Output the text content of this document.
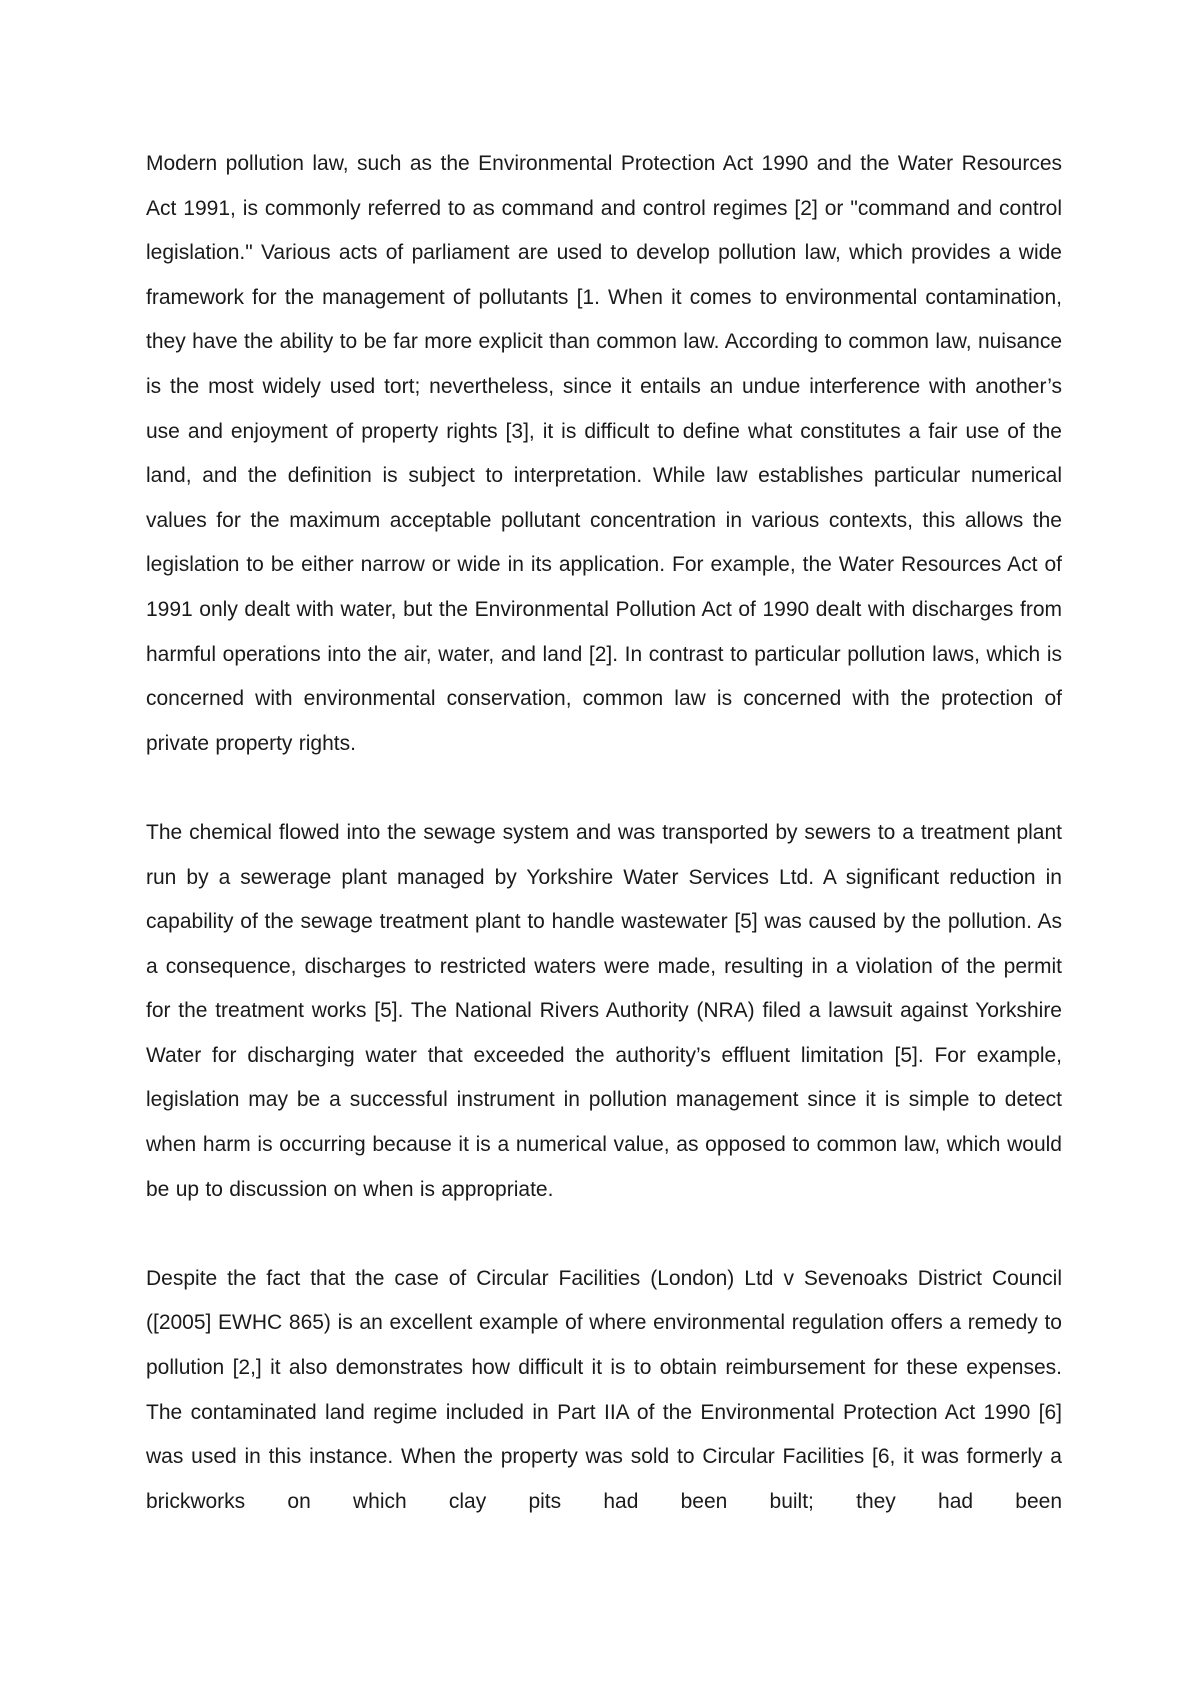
Modern pollution law, such as the Environmental Protection Act 1990 and the Water Resources Act 1991, is commonly referred to as command and control regimes [2] or "command and control legislation." Various acts of parliament are used to develop pollution law, which provides a wide framework for the management of pollutants [1. When it comes to environmental contamination, they have the ability to be far more explicit than common law. According to common law, nuisance is the most widely used tort; nevertheless, since it entails an undue interference with another’s use and enjoyment of property rights [3], it is difficult to define what constitutes a fair use of the land, and the definition is subject to interpretation. While law establishes particular numerical values for the maximum acceptable pollutant concentration in various contexts, this allows the legislation to be either narrow or wide in its application. For example, the Water Resources Act of 1991 only dealt with water, but the Environmental Pollution Act of 1990 dealt with discharges from harmful operations into the air, water, and land [2]. In contrast to particular pollution laws, which is concerned with environmental conservation, common law is concerned with the protection of private property rights.

The chemical flowed into the sewage system and was transported by sewers to a treatment plant run by a sewerage plant managed by Yorkshire Water Services Ltd. A significant reduction in capability of the sewage treatment plant to handle wastewater [5] was caused by the pollution. As a consequence, discharges to restricted waters were made, resulting in a violation of the permit for the treatment works [5]. The National Rivers Authority (NRA) filed a lawsuit against Yorkshire Water for discharging water that exceeded the authority’s effluent limitation [5]. For example, legislation may be a successful instrument in pollution management since it is simple to detect when harm is occurring because it is a numerical value, as opposed to common law, which would be up to discussion on when is appropriate.

Despite the fact that the case of Circular Facilities (London) Ltd v Sevenoaks District Council ([2005] EWHC 865) is an excellent example of where environmental regulation offers a remedy to pollution [2,] it also demonstrates how difficult it is to obtain reimbursement for these expenses. The contaminated land regime included in Part IIA of the Environmental Protection Act 1990 [6] was used in this instance. When the property was sold to Circular Facilities [6, it was formerly a brickworks on which clay pits had been built; they had been
